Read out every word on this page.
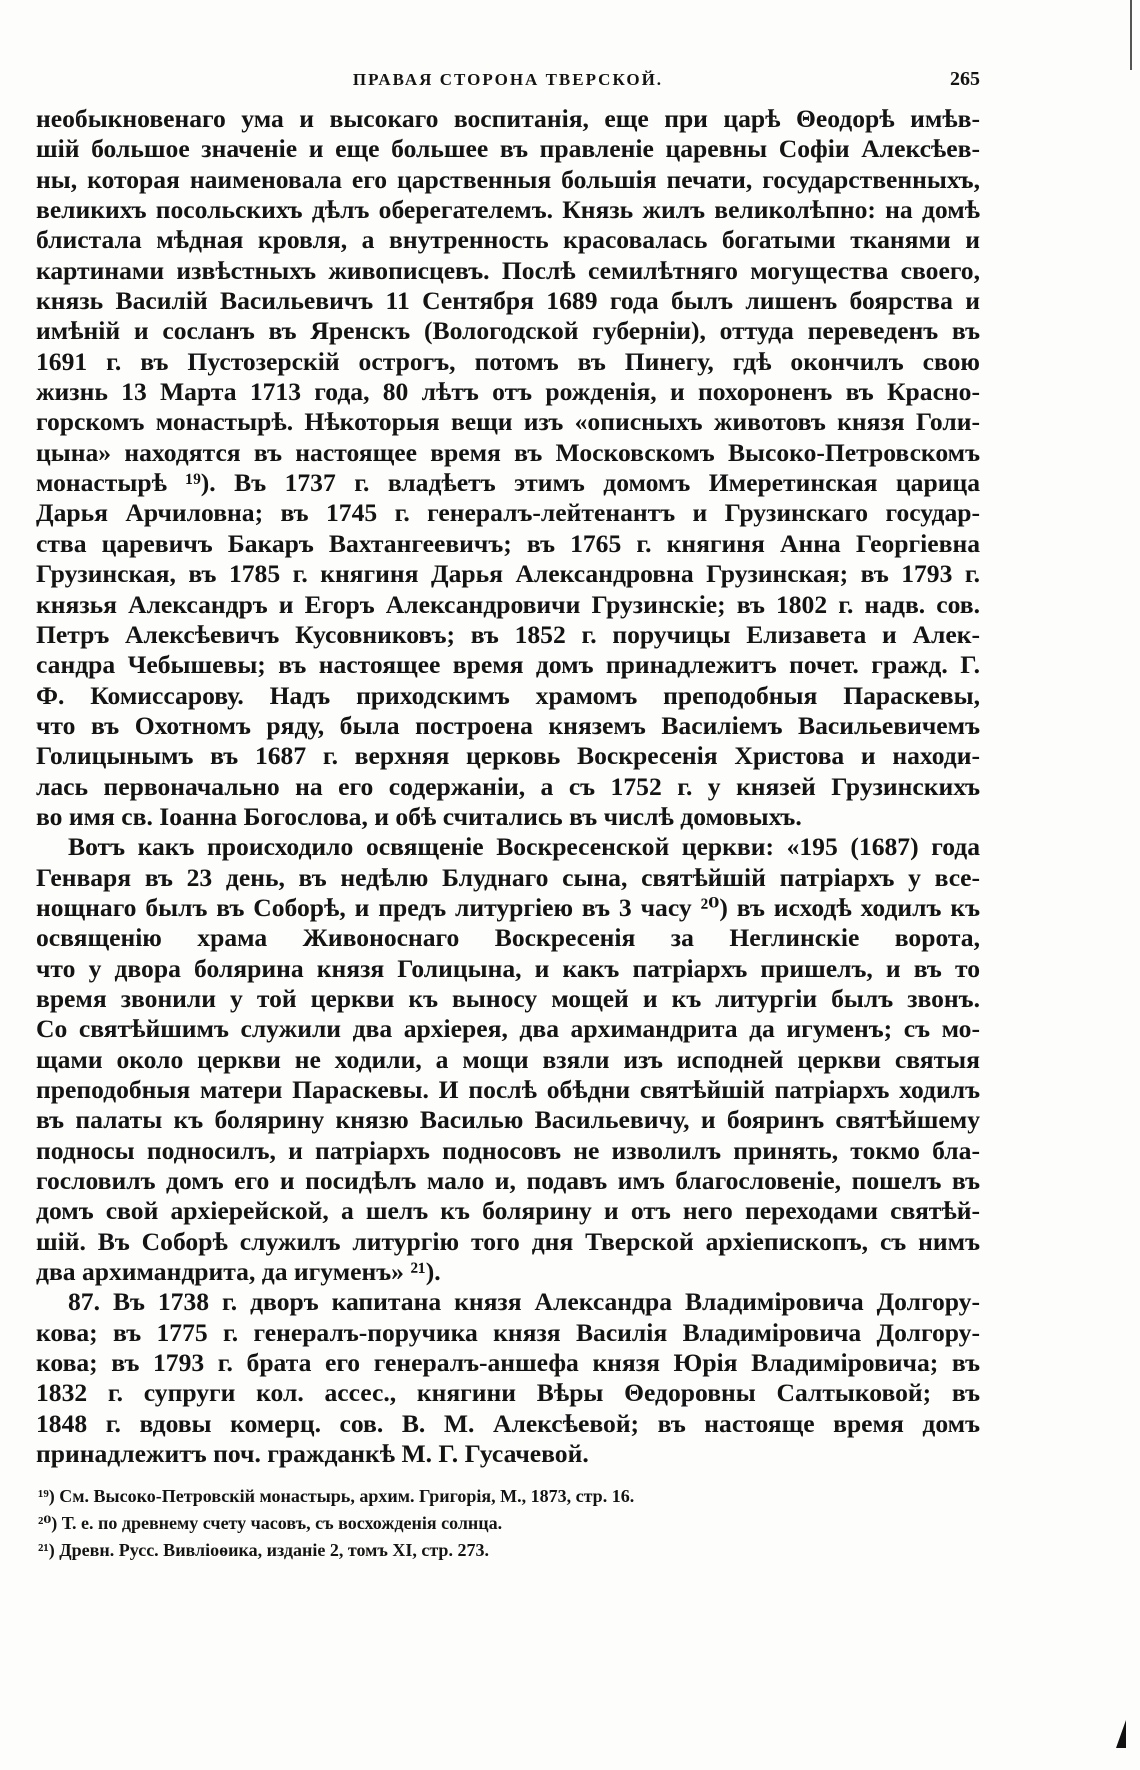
ПРАВАЯ СТОРОНА ТВЕРСКОЙ.	265
необыкновенаго ума и высокаго воспитанія, еще при царѣ Θеодорѣ имѣв-
шій большое значеніе и еще большее въ правленіе царевны Софіи Алексѣев-
ны, которая наименовала его царственныя большія печати, государственныхъ,
великихъ посольскихъ дѣлъ оберегателемъ. Князь жилъ великолѣпно: на домѣ
блистала мѣдная кровля, а внутренность красовалась богатыми тканями и
картинами извѣстныхъ живописцевъ. Послѣ семилѣтняго могущества своего,
князь Василій Васильевичъ 11 Сентября 1689 года былъ лишенъ боярства и
имѣній и сосланъ въ Яренскъ (Вологодской губерніи), оттуда переведенъ въ
1691 г. въ Пустозерскій острогъ, потомъ въ Пинегу, гдѣ окончилъ свою
жизнь 13 Марта 1713 года, 80 лѣтъ отъ рожденія, и похороненъ въ Красно-
горскомъ монастырѣ. Нѣкоторыя вещи изъ «описныхъ животовъ князя Голи-
цына» находятся въ настоящее время въ Московскомъ Высоко-Петровскомъ
монастырѣ ¹⁹). Въ 1737 г. владѣетъ этимъ домомъ Имеретинская царица
Дарья Арчиловна; въ 1745 г. генералъ-лейтенантъ и Грузинскаго государ-
ства царевичъ Бакаръ Вахтангеевичъ; въ 1765 г. княгиня Анна Георгіевна
Грузинская, въ 1785 г. княгиня Дарья Александровна Грузинская; въ 1793 г.
князья Александръ и Егоръ Александровичи Грузинскіе; въ 1802 г. надв. сов.
Петръ Алексѣевичъ Кусовниковъ; въ 1852 г. поручицы Елизавета и Алек-
сандра Чебышевы; въ настоящее время домъ принадлежитъ почет. гражд. Г.
Ф. Комиссарову. Надъ приходскимъ храмомъ преподобныя Параскевы,
что въ Охотномъ ряду, была построена княземъ Василіемъ Васильевичемъ
Голицынымъ въ 1687 г. верхняя церковь Воскресенія Христова и находи-
лась первоначально на его содержаніи, а съ 1752 г. у князей Грузинскихъ
во имя св. Іоанна Богослова, и обѣ считались въ числѣ домовыхъ.
Вотъ какъ происходило освященіе Воскресенской церкви: «195 (1687) года
Генваря въ 23 день, въ недѣлю Блуднаго сына, святѣйшій патріархъ у всe-
нощнаго былъ въ Соборѣ, и предъ литургіею въ 3 часу ²⁰) въ исходѣ ходилъ къ
освященію храма Живоноснаго Воскресенія за Неглинскіе ворота,
что у двора болярина князя Голицына, и какъ патріархъ пришелъ, и въ то
время звонили у той церкви къ выносу мощей и къ литургіи былъ звонъ.
Со святѣйшимъ служили два архіерея, два архимандрита да игуменъ; съ мо-
щами около церкви не ходили, а мощи взяли изъ исподней церкви святыя
преподобныя матери Параскевы. И послѣ обѣдни святѣйшій патріархъ ходилъ
въ палаты къ болярину князю Василью Васильевичу, и бояринъ святѣйшему
подносы подносилъ, и патріархъ подносовъ не изволилъ принять, токмо бла-
гословилъ домъ его и посидѣлъ мало и, подавъ имъ благословеніе, пошелъ въ
домъ свой архіерейской, а шелъ къ болярину и отъ него переходами святѣй-
шій. Въ Соборѣ служилъ литургію того дня Тверской архіепископъ, съ нимъ
два архимандрита, да игуменъ» ²¹).
87. Въ 1738 г. дворъ капитана князя Александра Владиміровича Долгору-
кова; въ 1775 г. генералъ-поручика князя Василія Владиміровича Долгору-
кова; въ 1793 г. брата его генералъ-аншефа князя Юрія Владиміровича; въ
1832 г. супруги кол. ассес., княгини Вѣры Θедоровны Салтыковой; въ
1848 г. вдовы комерц. сов. В. М. Алексѣевой; въ настояще время домъ
принадлежитъ поч. гражданкѣ М. Г. Гусачевой.
¹⁹) См. Высоко-Петровскій монастырь, архим. Григорія, М., 1873, стр. 16.
²⁰) Т. е. по древнему счету часовъ, съ восхожденія солнца.
²¹) Древн. Русс. Вивліоѳика, изданіе 2, томъ XI, стр. 273.
